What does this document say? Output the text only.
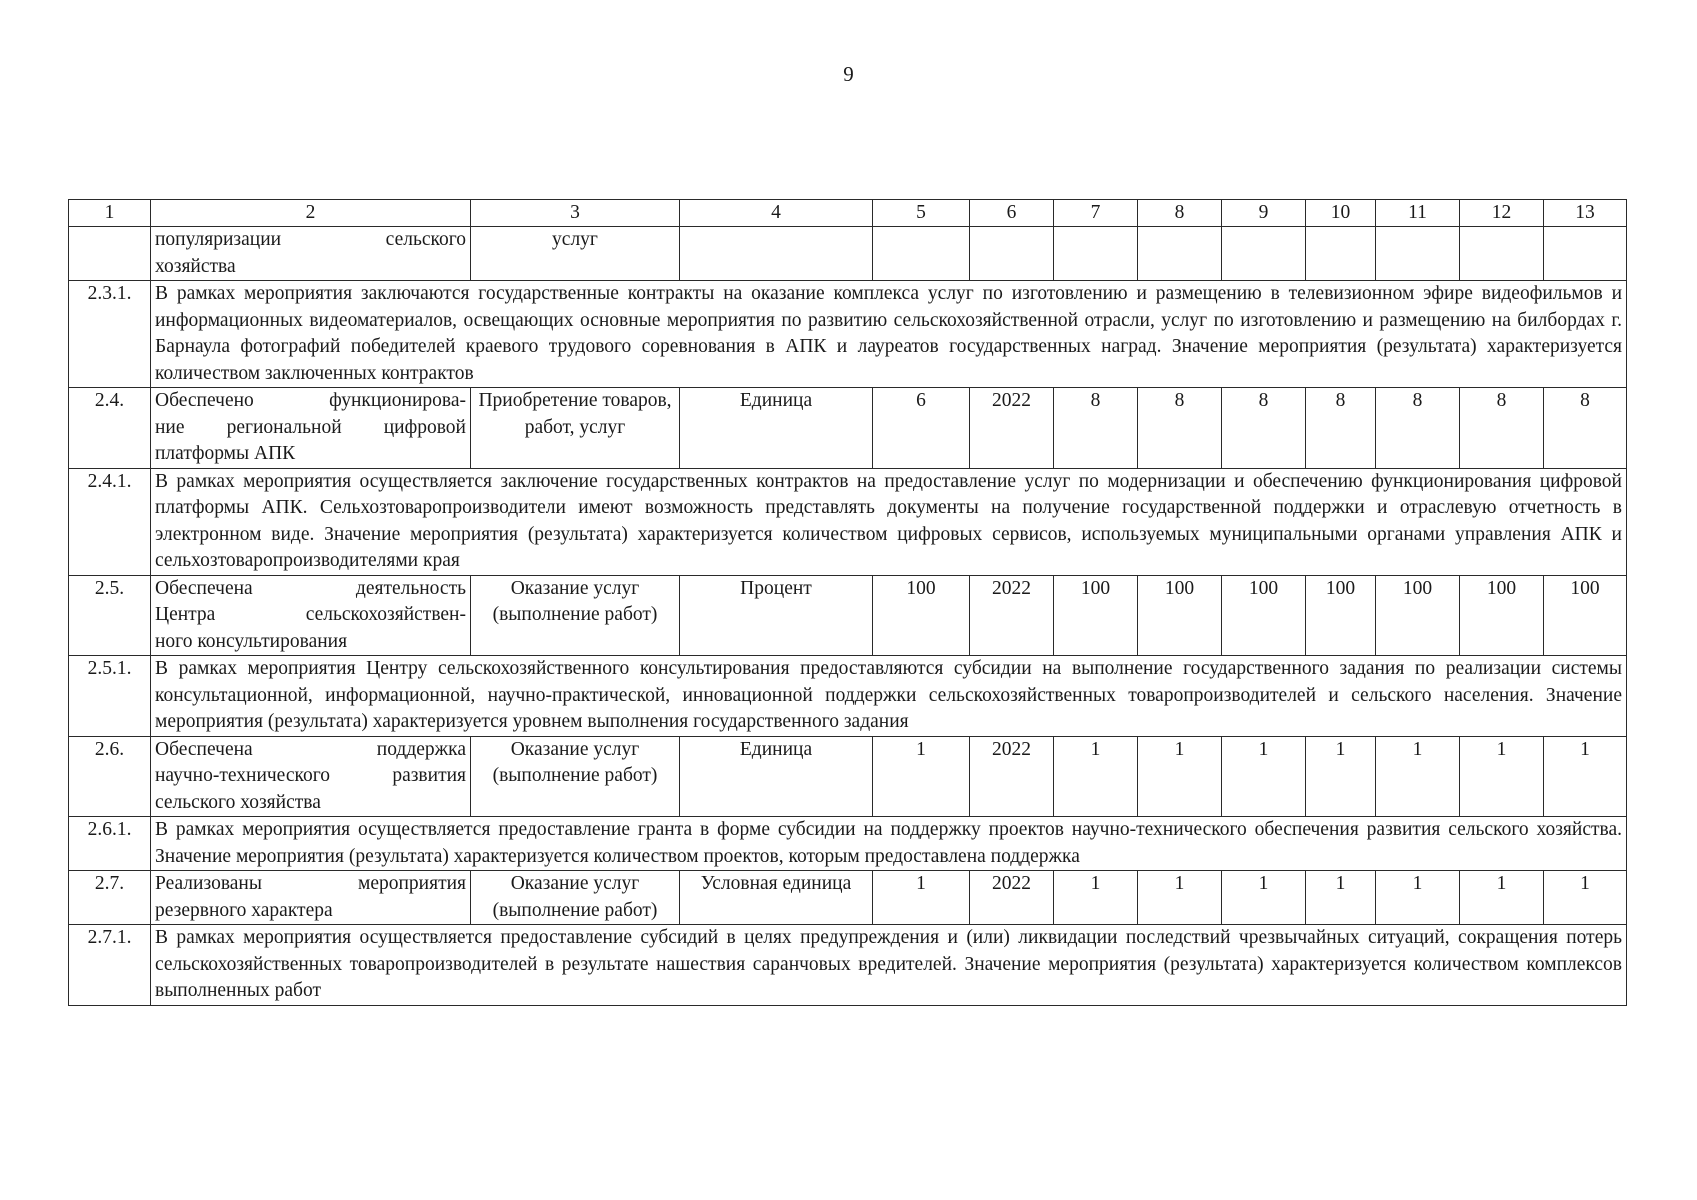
9
1	2	3	4	5	6	7	8	9	10	11	12	13

	популяризации сельского
хозяйства	услуг										
2.3.1.	В рамках мероприятия заключаются государственные контракты на оказание комплекса услуг по изготовлению и размещению в телевизионном эфире видеофильмов и информационных видеоматериалов, освещающих основные мероприятия по развитию сельскохозяйственной отрасли, услуг по изготовлению и размещению на билбордах г. Барнаула фотографий победителей краевого трудового соревнования в АПК и лауреатов государственных наград. Значение мероприятия (результата) характеризуется количеством заключенных контрактов											
2.4.	Обеспечено функционирова-
ние региональной цифровой
платформы АПК	Приобретение товаров, работ, услуг	Единица	6	2022	8	8	8	8	8	8	8
2.4.1.	В рамках мероприятия осуществляется заключение государственных контрактов на предоставление услуг по модернизации и обеспечению функционирования цифровой платформы АПК. Сельхозтоваропроизводители имеют возможность представлять документы на получение государственной поддержки и отраслевую отчетность в электронном виде. Значение мероприятия (результата) характеризуется количеством цифровых сервисов, используемых муниципальными органами управления АПК и сельхозтоваропроизводителями края											
2.5.	Обеспечена деятельность
Центра сельскохозяйствен-
ного консультирования	Оказание услуг (выполнение работ)	Процент	100	2022	100	100	100	100	100	100	100
2.5.1.	В рамках мероприятия Центру сельскохозяйственного консультирования предоставляются субсидии на выполнение государственного задания по реализации системы консультационной, информационной, научно-практической, инновационной поддержки сельскохозяйственных товаропроизводителей и сельского населения. Значение мероприятия (результата) характеризуется уровнем выполнения государственного задания											
2.6.	Обеспечена поддержка
научно-технического развития
сельского хозяйства	Оказание услуг (выполнение работ)	Единица	1	2022	1	1	1	1	1	1	1
2.6.1.	В рамках мероприятия осуществляется предоставление гранта в форме субсидии на поддержку проектов научно-технического обеспечения развития сельского хозяйства. Значение мероприятия (результата) характеризуется количеством проектов, которым предоставлена поддержка											
2.7.	Реализованы мероприятия
резервного характера	Оказание услуг (выполнение работ)	Условная единица	1	2022	1	1	1	1	1	1	1
2.7.1.	В рамках мероприятия осуществляется предоставление субсидий в целях предупреждения и (или) ликвидации последствий чрезвычайных ситуаций, сокращения потерь сельскохозяйственных товаропроизводителей в результате нашествия саранчовых вредителей. Значение мероприятия (результата) характеризуется количеством комплексов выполненных работ											
